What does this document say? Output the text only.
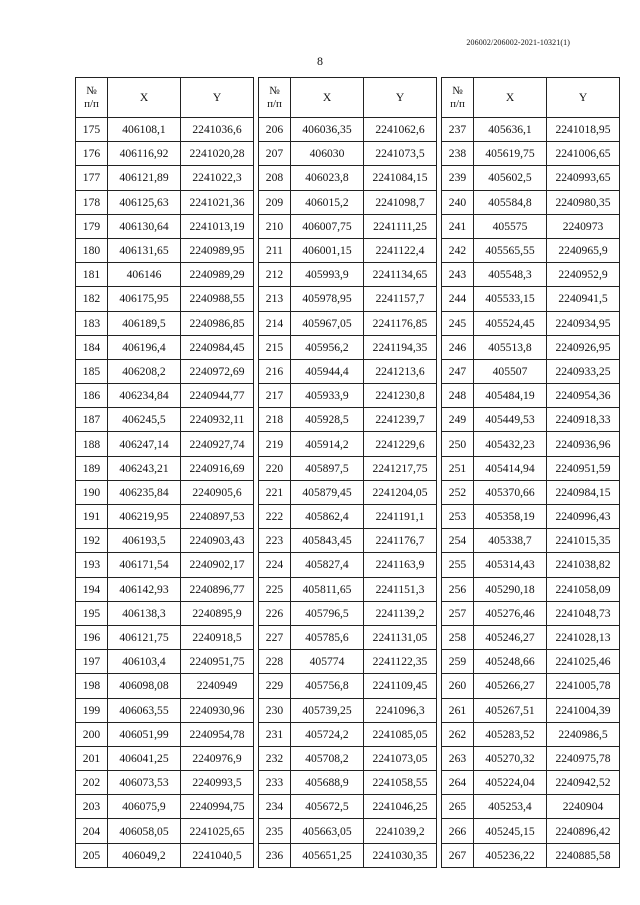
206002/206002-2021-10321(1)
8
№
п/п	X	Y
175	406108,1	2241036,6
176	406116,92	2241020,28
177	406121,89	2241022,3
178	406125,63	2241021,36
179	406130,64	2241013,19
180	406131,65	2240989,95
181	406146	2240989,29
182	406175,95	2240988,55
183	406189,5	2240986,85
184	406196,4	2240984,45
185	406208,2	2240972,69
186	406234,84	2240944,77
187	406245,5	2240932,11
188	406247,14	2240927,74
189	406243,21	2240916,69
190	406235,84	2240905,6
191	406219,95	2240897,53
192	406193,5	2240903,43
193	406171,54	2240902,17
194	406142,93	2240896,77
195	406138,3	2240895,9
196	406121,75	2240918,5
197	406103,4	2240951,75
198	406098,08	2240949
199	406063,55	2240930,96
200	406051,99	2240954,78
201	406041,25	2240976,9
202	406073,53	2240993,5
203	406075,9	2240994,75
204	406058,05	2241025,65
205	406049,2	2241040,5
№
п/п	X	Y
206	406036,35	2241062,6
207	406030	2241073,5
208	406023,8	2241084,15
209	406015,2	2241098,7
210	406007,75	2241111,25
211	406001,15	2241122,4
212	405993,9	2241134,65
213	405978,95	2241157,7
214	405967,05	2241176,85
215	405956,2	2241194,35
216	405944,4	2241213,6
217	405933,9	2241230,8
218	405928,5	2241239,7
219	405914,2	2241229,6
220	405897,5	2241217,75
221	405879,45	2241204,05
222	405862,4	2241191,1
223	405843,45	2241176,7
224	405827,4	2241163,9
225	405811,65	2241151,3
226	405796,5	2241139,2
227	405785,6	2241131,05
228	405774	2241122,35
229	405756,8	2241109,45
230	405739,25	2241096,3
231	405724,2	2241085,05
232	405708,2	2241073,05
233	405688,9	2241058,55
234	405672,5	2241046,25
235	405663,05	2241039,2
236	405651,25	2241030,35
№
п/п	X	Y
237	405636,1	2241018,95
238	405619,75	2241006,65
239	405602,5	2240993,65
240	405584,8	2240980,35
241	405575	2240973
242	405565,55	2240965,9
243	405548,3	2240952,9
244	405533,15	2240941,5
245	405524,45	2240934,95
246	405513,8	2240926,95
247	405507	2240933,25
248	405484,19	2240954,36
249	405449,53	2240918,33
250	405432,23	2240936,96
251	405414,94	2240951,59
252	405370,66	2240984,15
253	405358,19	2240996,43
254	405338,7	2241015,35
255	405314,43	2241038,82
256	405290,18	2241058,09
257	405276,46	2241048,73
258	405246,27	2241028,13
259	405248,66	2241025,46
260	405266,27	2241005,78
261	405267,51	2241004,39
262	405283,52	2240986,5
263	405270,32	2240975,78
264	405224,04	2240942,52
265	405253,4	2240904
266	405245,15	2240896,42
267	405236,22	2240885,58
